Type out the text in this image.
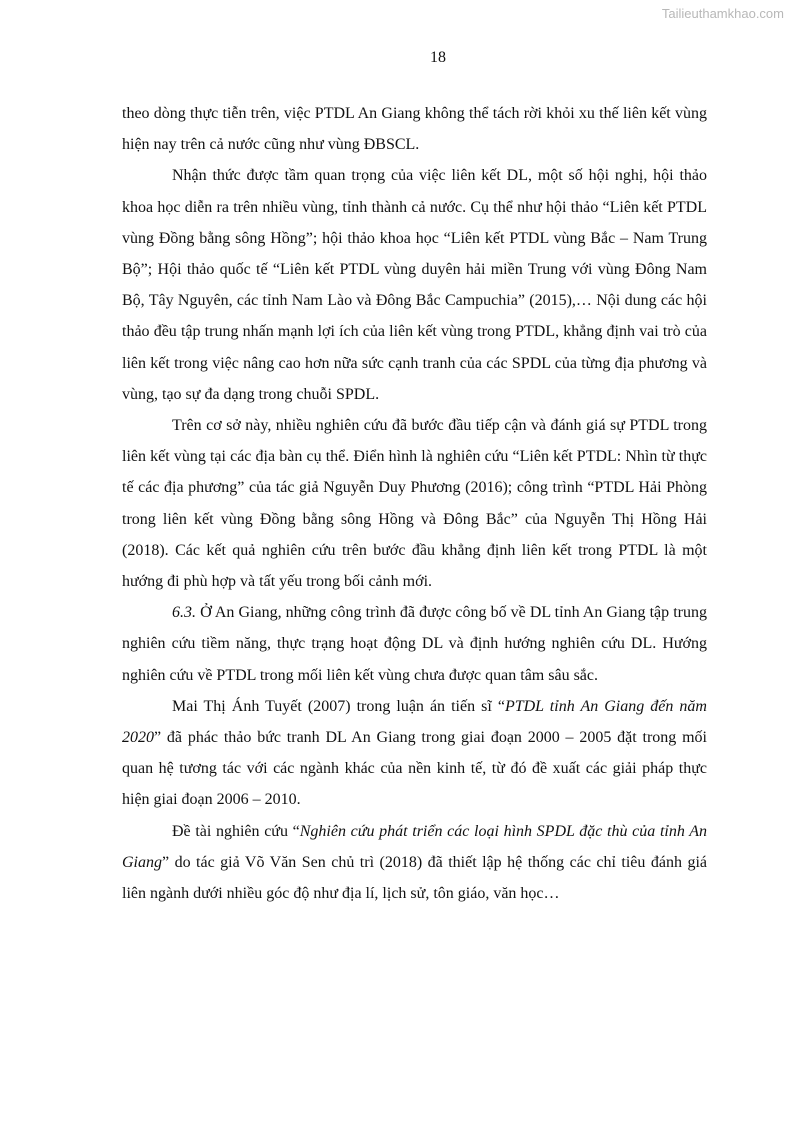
Tailieuthamkhao.com
18

theo dòng thực tiễn trên, việc PTDL An Giang không thể tách rời khỏi xu thế liên kết vùng hiện nay trên cả nước cũng như vùng ĐBSCL.

Nhận thức được tầm quan trọng của việc liên kết DL, một số hội nghị, hội thảo khoa học diễn ra trên nhiều vùng, tỉnh thành cả nước. Cụ thể như hội thảo “Liên kết PTDL vùng Đồng bằng sông Hồng”; hội thảo khoa học “Liên kết PTDL vùng Bắc – Nam Trung Bộ”; Hội thảo quốc tế “Liên kết PTDL vùng duyên hải miền Trung với vùng Đông Nam Bộ, Tây Nguyên, các tỉnh Nam Lào và Đông Bắc Campuchia” (2015),… Nội dung các hội thảo đều tập trung nhấn mạnh lợi ích của liên kết vùng trong PTDL, khẳng định vai trò của liên kết trong việc nâng cao hơn nữa sức cạnh tranh của các SPDL của từng địa phương và vùng, tạo sự đa dạng trong chuỗi SPDL.

Trên cơ sở này, nhiều nghiên cứu đã bước đầu tiếp cận và đánh giá sự PTDL trong liên kết vùng tại các địa bàn cụ thể. Điển hình là nghiên cứu “Liên kết PTDL: Nhìn từ thực tế các địa phương” của tác giả Nguyễn Duy Phương (2016); công trình “PTDL Hải Phòng trong liên kết vùng Đồng bằng sông Hồng và Đông Bắc” của Nguyễn Thị Hồng Hải (2018). Các kết quả nghiên cứu trên bước đầu khẳng định liên kết trong PTDL là một hướng đi phù hợp và tất yếu trong bối cảnh mới.

6.3. Ở An Giang, những công trình đã được công bố về DL tỉnh An Giang tập trung nghiên cứu tiềm năng, thực trạng hoạt động DL và định hướng nghiên cứu DL. Hướng nghiên cứu về PTDL trong mối liên kết vùng chưa được quan tâm sâu sắc.

Mai Thị Ánh Tuyết (2007) trong luận án tiến sĩ “PTDL tỉnh An Giang đến năm 2020” đã phác thảo bức tranh DL An Giang trong giai đoạn 2000 – 2005 đặt trong mối quan hệ tương tác với các ngành khác của nền kinh tế, từ đó đề xuất các giải pháp thực hiện giai đoạn 2006 – 2010.

Đề tài nghiên cứu “Nghiên cứu phát triển các loại hình SPDL đặc thù của tỉnh An Giang” do tác giả Võ Văn Sen chủ trì (2018) đã thiết lập hệ thống các chỉ tiêu đánh giá liên ngành dưới nhiều góc độ như địa lí, lịch sử, tôn giáo, văn học…
